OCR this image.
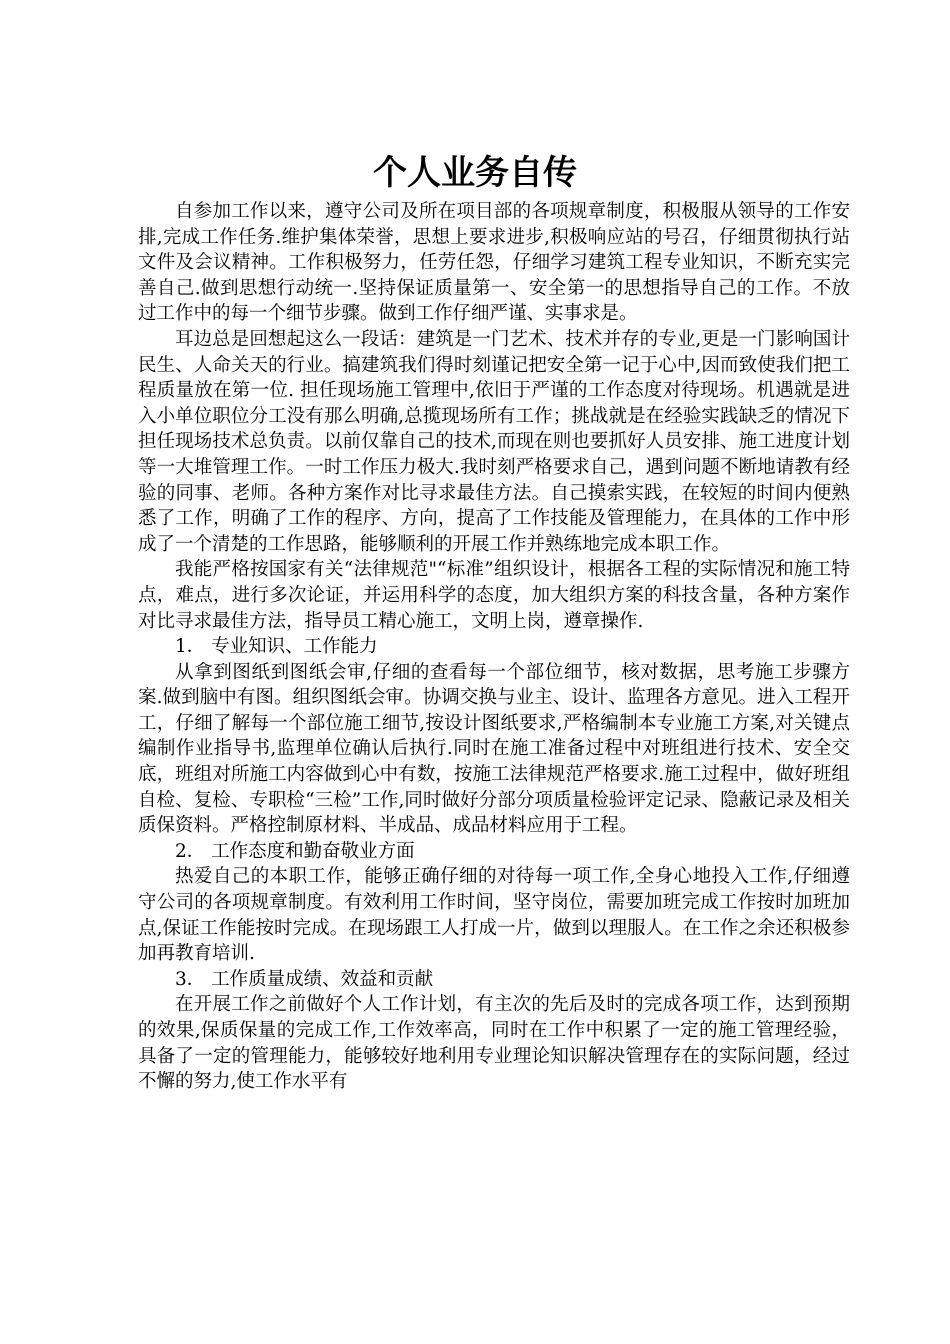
个人业务自传

自参加工作以来，遵守公司及所在项目部的各项规章制度，积极服从领导的工作安排,完成工作任务.维护集体荣誉，思想上要求进步,积极响应站的号召，仔细贯彻执行站文件及会议精神。工作积极努力，任劳任怨，仔细学习建筑工程专业知识，不断充实完善自己.做到思想行动统一.坚持保证质量第一、安全第一的思想指导自己的工作。不放过工作中的每一个细节步骤。做到工作仔细严谨、实事求是。

耳边总是回想起这么一段话：建筑是一门艺术、技术并存的专业,更是一门影响国计民生、人命关天的行业。搞建筑我们得时刻谨记把安全第一记于心中,因而致使我们把工程质量放在第一位. 担任现场施工管理中,依旧于严谨的工作态度对待现场。机遇就是进入小单位职位分工没有那么明确,总揽现场所有工作；挑战就是在经验实践缺乏的情况下担任现场技术总负责。以前仅靠自己的技术,而现在则也要抓好人员安排、施工进度计划等一大堆管理工作。一时工作压力极大.我时刻严格要求自己，遇到问题不断地请教有经验的同事、老师。各种方案作对比寻求最佳方法。自己摸索实践，在较短的时间内便熟悉了工作，明确了工作的程序、方向，提高了工作技能及管理能力，在具体的工作中形成了一个清楚的工作思路，能够顺利的开展工作并熟练地完成本职工作。

我能严格按国家有关“法律规范"“标准”组织设计，根据各工程的实际情况和施工特点，难点，进行多次论证，并运用科学的态度，加大组织方案的科技含量，各种方案作对比寻求最佳方法，指导员工精心施工，文明上岗，遵章操作.

1． 专业知识、工作能力

从拿到图纸到图纸会审,仔细的查看每一个部位细节，核对数据，思考施工步骤方案.做到脑中有图。组织图纸会审。协调交换与业主、设计、监理各方意见。进入工程开工，仔细了解每一个部位施工细节,按设计图纸要求,严格编制本专业施工方案,对关键点编制作业指导书,监理单位确认后执行.同时在施工准备过程中对班组进行技术、安全交底，班组对所施工内容做到心中有数，按施工法律规范严格要求.施工过程中，做好班组自检、复检、专职检“三检”工作,同时做好分部分项质量检验评定记录、隐蔽记录及相关质保资料。严格控制原材料、半成品、成品材料应用于工程。

2． 工作态度和勤奋敬业方面

热爱自己的本职工作，能够正确仔细的对待每一项工作,全身心地投入工作,仔细遵守公司的各项规章制度。有效利用工作时间，坚守岗位，需要加班完成工作按时加班加点,保证工作能按时完成。在现场跟工人打成一片，做到以理服人。在工作之余还积极参加再教育培训.

3． 工作质量成绩、效益和贡献

在开展工作之前做好个人工作计划，有主次的先后及时的完成各项工作，达到预期的效果,保质保量的完成工作,工作效率高，同时在工作中积累了一定的施工管理经验，具备了一定的管理能力，能够较好地利用专业理论知识解决管理存在的实际问题，经过不懈的努力,使工作水平有
